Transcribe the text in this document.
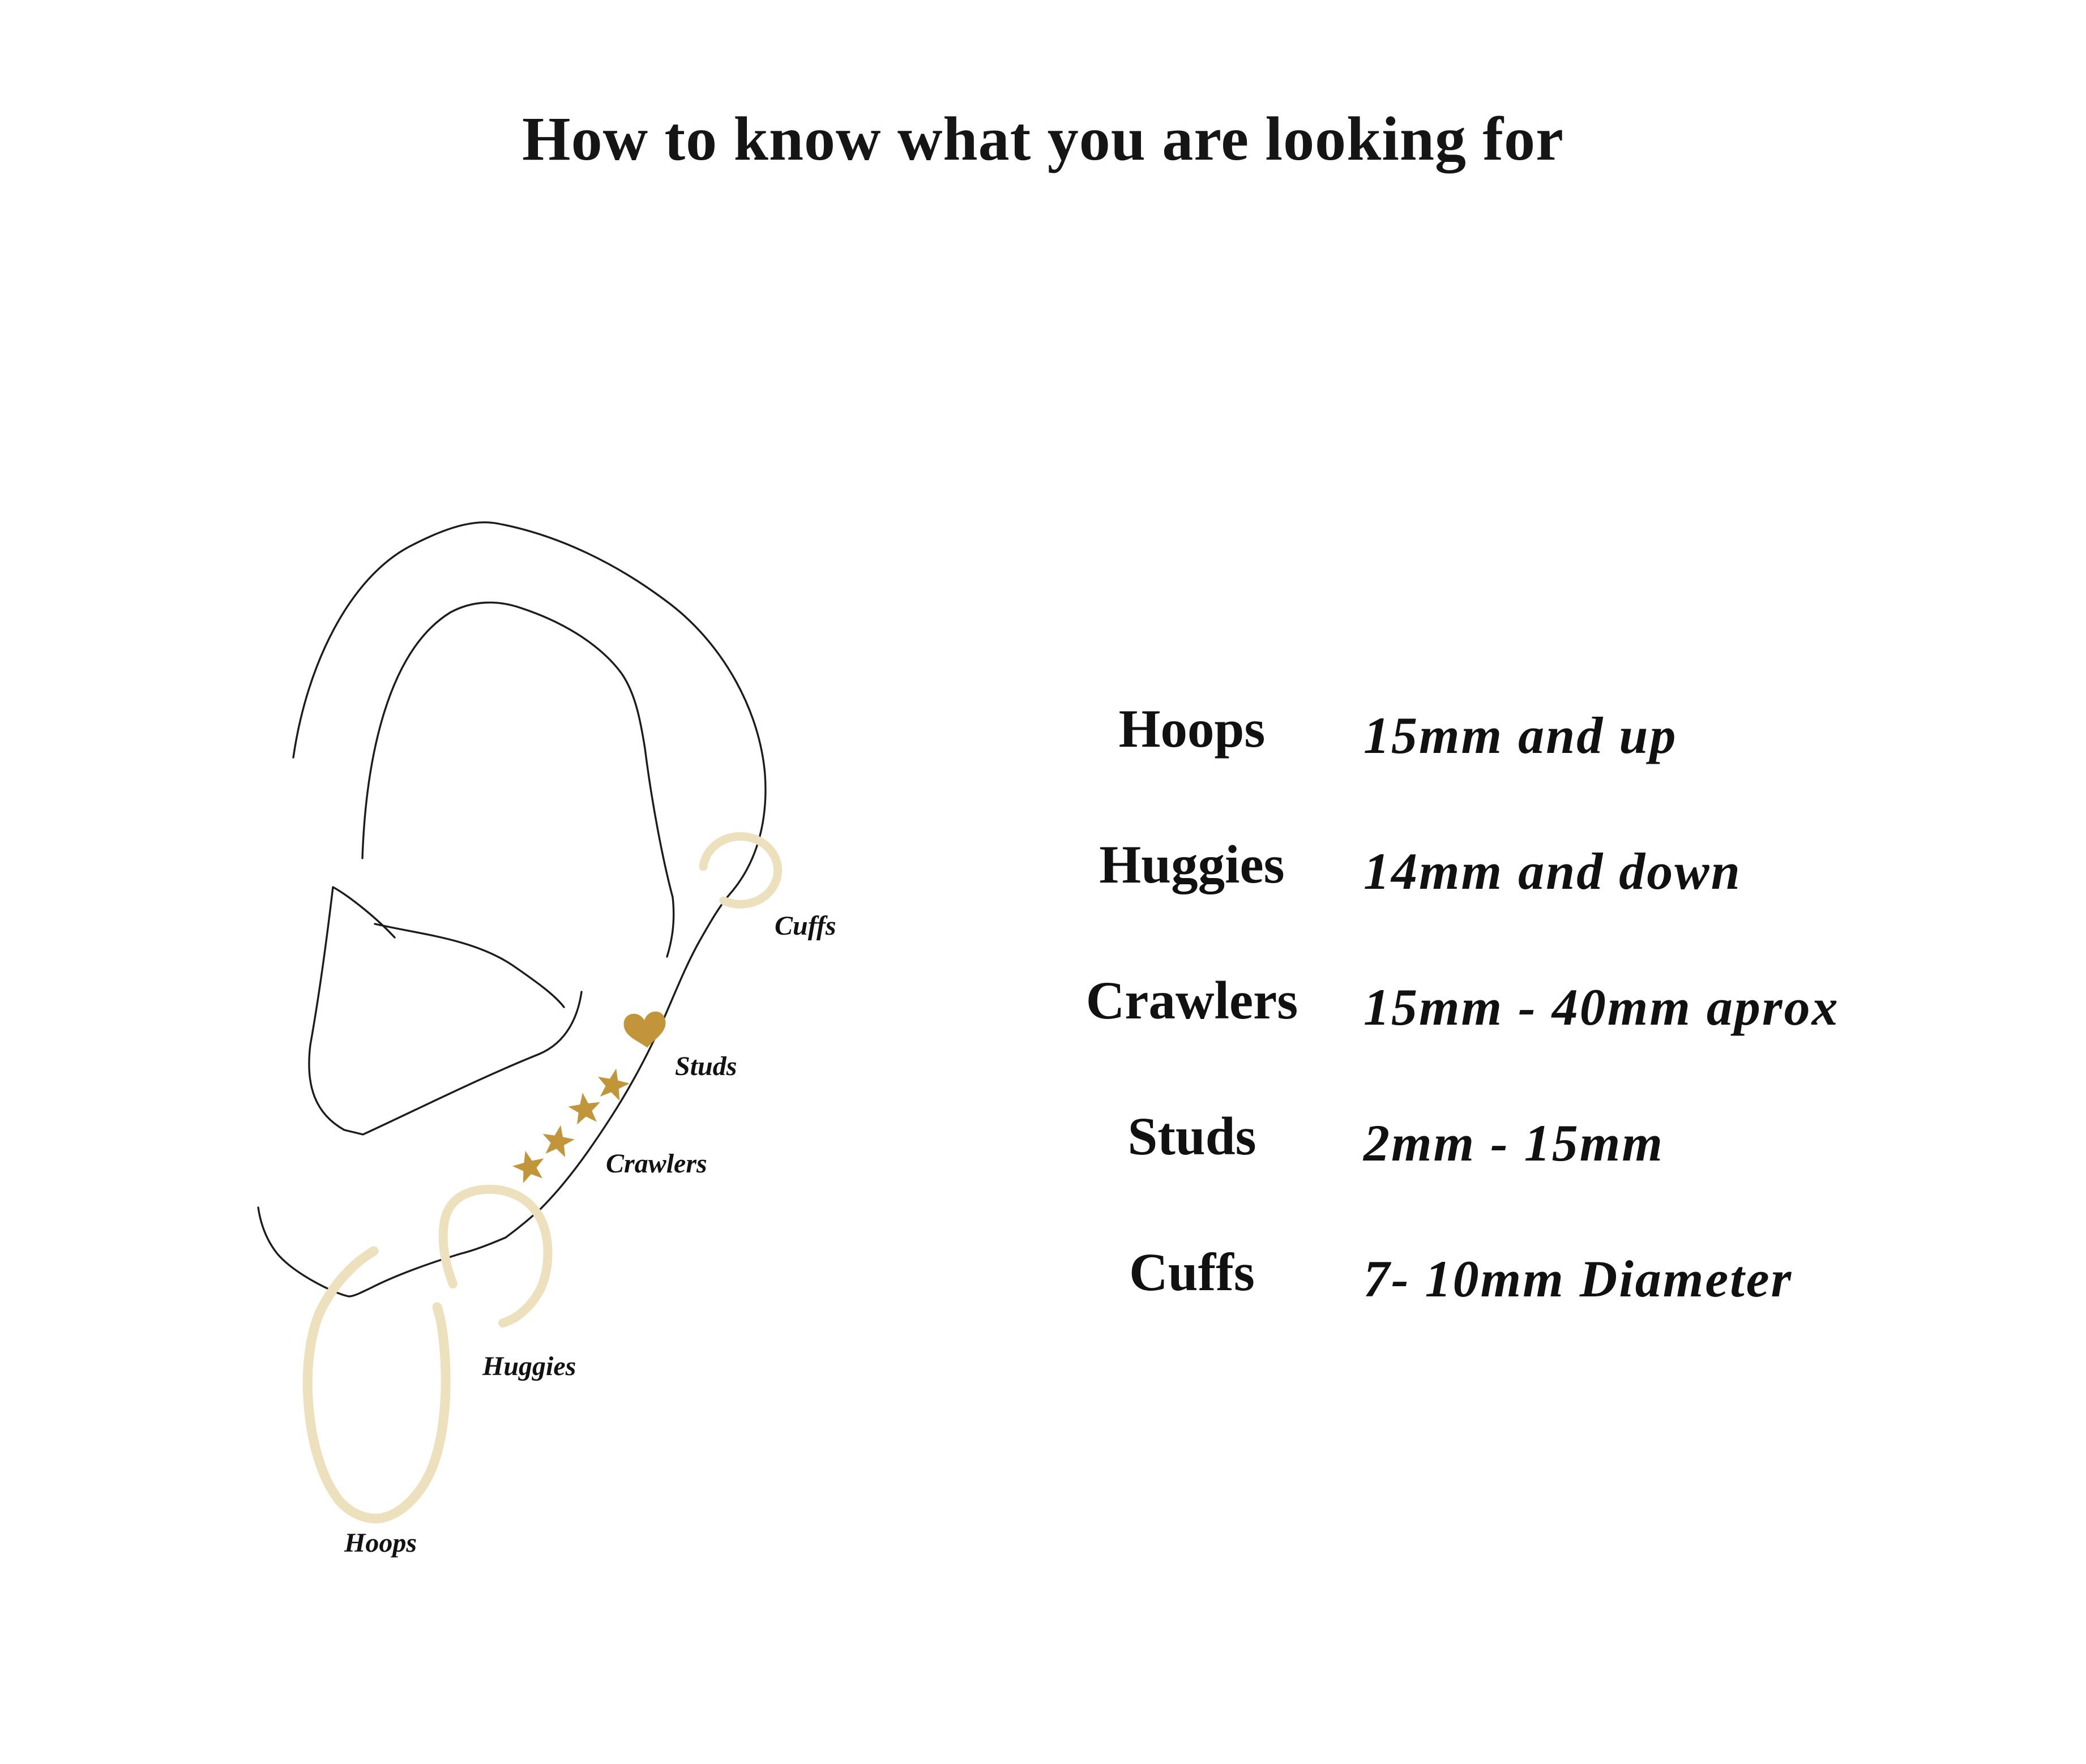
How to know what you are looking for
Cuffs
Studs
Crawlers
Huggies
Hoops
Hoops	15mm and up
Huggies	14mm and down
Crawlers	15mm - 40mm aprox
Studs	2mm - 15mm
Cuffs	7- 10mm Diameter
